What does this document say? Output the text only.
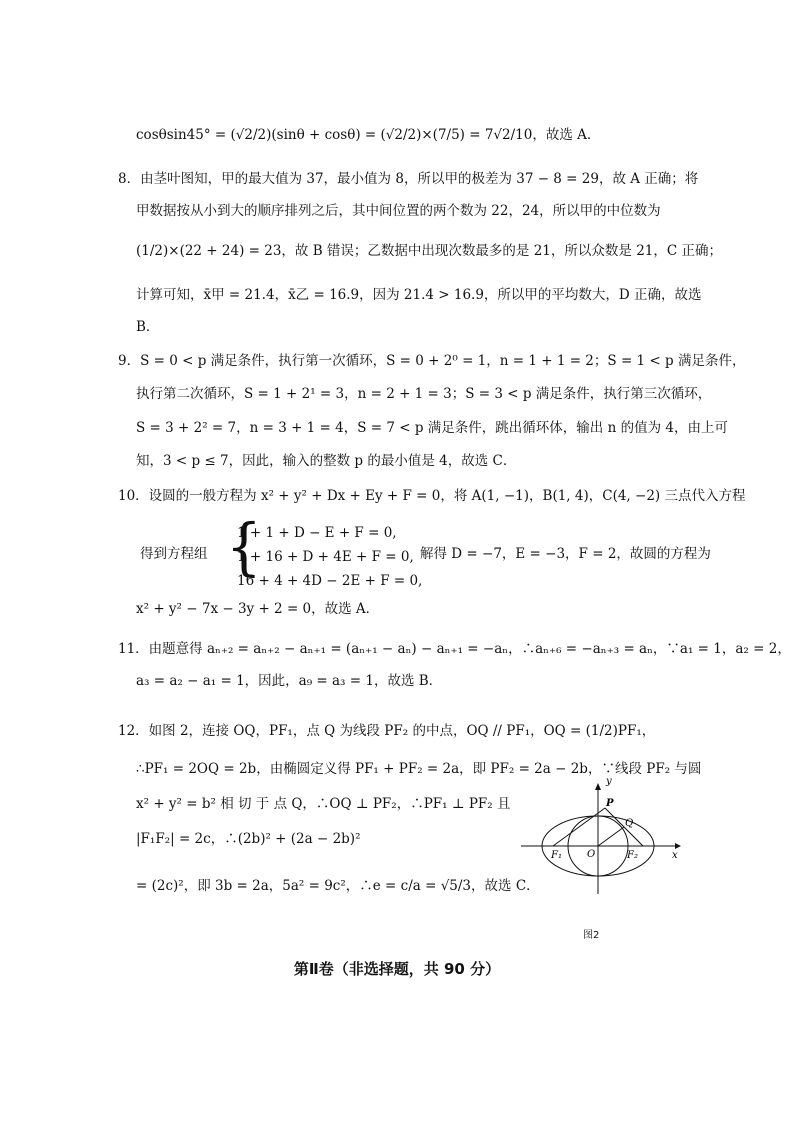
cosθsin45° = (√2/2)(sinθ + cosθ) = (√2/2)×(7/5) = 7√2/10，故选 A．
8．由茎叶图知，甲的最大值为 37，最小值为 8，所以甲的极差为 37 − 8 = 29，故 A 正确；将
甲数据按从小到大的顺序排列之后，其中间位置的两个数为 22，24，所以甲的中位数为
(1/2)×(22 + 24) = 23，故 B 错误；乙数据中出现次数最多的是 21，所以众数是 21，C 正确；
计算可知，x̄甲 = 21.4，x̄乙 = 16.9，因为 21.4 > 16.9，所以甲的平均数大，D 正确，故选
B．
9．S = 0 < p 满足条件，执行第一次循环，S = 0 + 2⁰ = 1，n = 1 + 1 = 2；S = 1 < p 满足条件，
执行第二次循环，S = 1 + 2¹ = 3，n = 2 + 1 = 3；S = 3 < p 满足条件，执行第三次循环，
S = 3 + 2² = 7，n = 3 + 1 = 4，S = 7 < p 满足条件，跳出循环体，输出 n 的值为 4，由上可
知，3 < p ≤ 7，因此，输入的整数 p 的最小值是 4，故选 C．
10．设圆的一般方程为 x² + y² + Dx + Ey + F = 0，将 A(1, −1)，B(1, 4)，C(4, −2) 三点代入方程
得到方程组 {
1 + 1 + D − E + F = 0,
1 + 16 + D + 4E + F = 0,
16 + 4 + 4D − 2E + F = 0,
解得 D = −7，E = −3，F = 2，故圆的方程为
x² + y² − 7x − 3y + 2 = 0，故选 A．
11．由题意得 aₙ₊₂ = aₙ₊₂ − aₙ₊₁ = (aₙ₊₁ − aₙ) − aₙ₊₁ = −aₙ，∴aₙ₊₆ = −aₙ₊₃ = aₙ，∵a₁ = 1，a₂ = 2，
a₃ = a₂ − a₁ = 1，因此，a₉ = a₃ = 1，故选 B．
12．如图 2，连接 OQ，PF₁，点 Q 为线段 PF₂ 的中点，OQ // PF₁，OQ = (1/2)PF₁，
∴PF₁ = 2OQ = 2b，由椭圆定义得 PF₁ + PF₂ = 2a，即 PF₂ = 2a − 2b，∵线段 PF₂ 与圆
x² + y² = b² 相 切 于 点 Q，∴OQ ⊥ PF₂，∴PF₁ ⊥ PF₂ 且
|F₁F₂| = 2c，∴(2b)² + (2a − 2b)²
= (2c)²，即 3b = 2a，5a² = 9c²，∴e = c/a = √5/3，故选 C．
y
x
P
Q
O
F₁	F₂
图2
第Ⅱ卷（非选择题，共 90 分）
